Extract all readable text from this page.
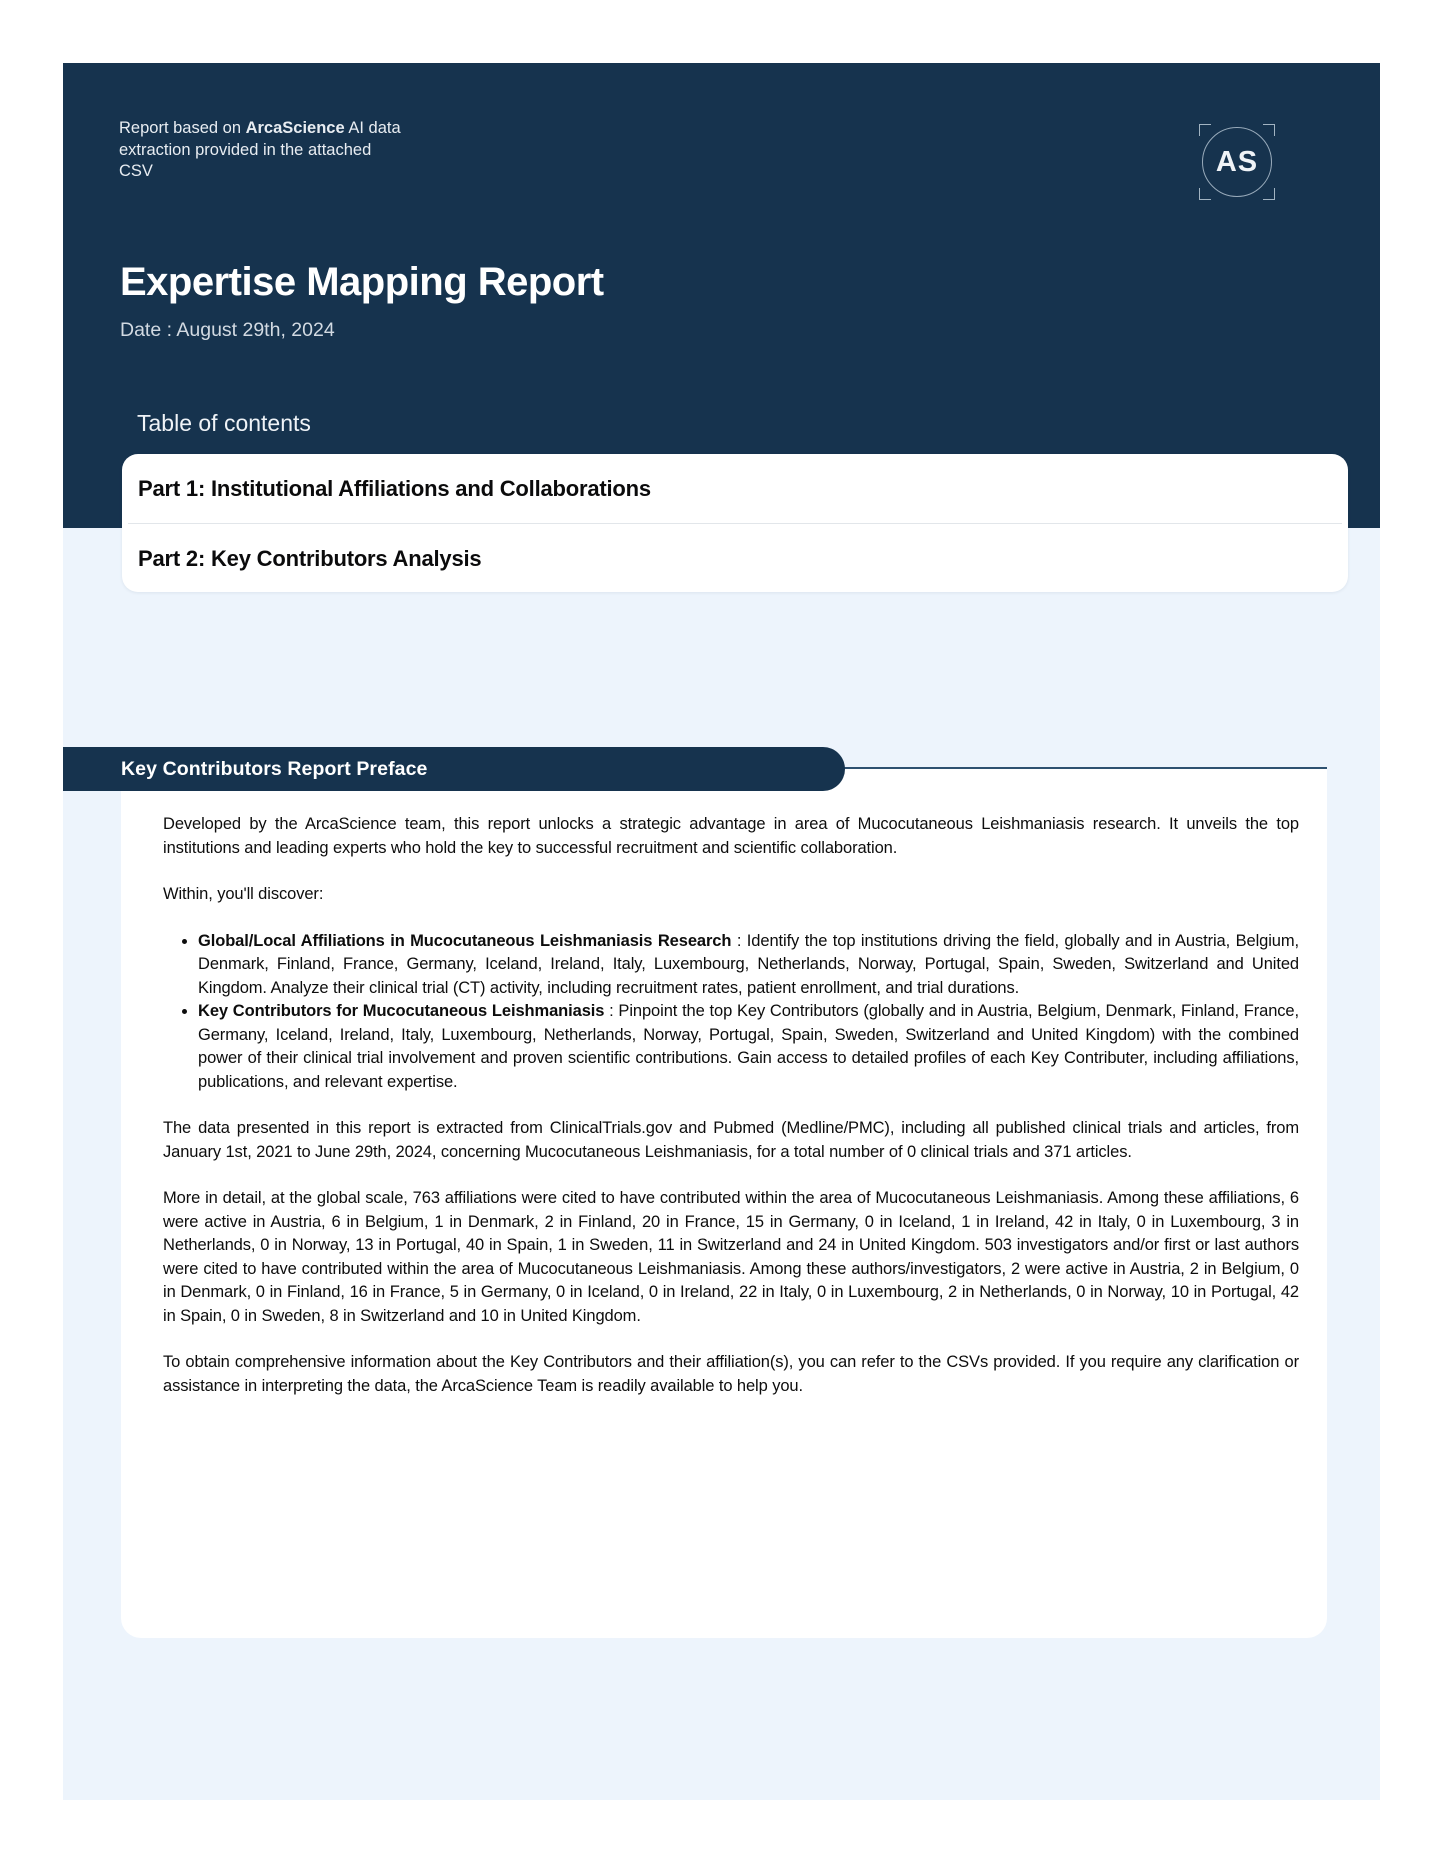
Report based on ArcaScience AI data
extraction provided in the attached
CSV	AS
Expertise Mapping Report
Date : August 29th, 2024
Table of contents
Part 1: Institutional Affiliations and Collaborations
Part 2: Key Contributors Analysis

Developed by the ArcaScience team, this report unlocks a strategic advantage in area of Mucocutaneous Leishmaniasis research. It unveils the top institutions and leading experts who hold the key to successful recruitment and scientific collaboration.

Within, you'll discover:
• Global/Local Affiliations in Mucocutaneous Leishmaniasis Research : Identify the top institutions driving the field, globally and in Austria, Belgium, Denmark, Finland, France, Germany, Iceland, Ireland, Italy, Luxembourg, Netherlands, Norway, Portugal, Spain, Sweden, Switzerland and United Kingdom. Analyze their clinical trial (CT) activity, including recruitment rates, patient enrollment, and trial durations.
• Key Contributors for Mucocutaneous Leishmaniasis : Pinpoint the top Key Contributors (globally and in Austria, Belgium, Denmark, Finland, France, Germany, Iceland, Ireland, Italy, Luxembourg, Netherlands, Norway, Portugal, Spain, Sweden, Switzerland and United Kingdom) with the combined power of their clinical trial involvement and proven scientific contributions. Gain access to detailed profiles of each Key Contributer, including affiliations, publications, and relevant expertise.

The data presented in this report is extracted from ClinicalTrials.gov and Pubmed (Medline/PMC), including all published clinical trials and articles, from January 1st, 2021 to June 29th, 2024, concerning Mucocutaneous Leishmaniasis, for a total number of 0 clinical trials and 371 articles.

More in detail, at the global scale, 763 affiliations were cited to have contributed within the area of Mucocutaneous Leishmaniasis. Among these affiliations, 6 were active in Austria, 6 in Belgium, 1 in Denmark, 2 in Finland, 20 in France, 15 in Germany, 0 in Iceland, 1 in Ireland, 42 in Italy, 0 in Luxembourg, 3 in Netherlands, 0 in Norway, 13 in Portugal, 40 in Spain, 1 in Sweden, 11 in Switzerland and 24 in United Kingdom. 503 investigators and/or first or last authors were cited to have contributed within the area of Mucocutaneous Leishmaniasis. Among these authors/investigators, 2 were active in Austria, 2 in Belgium, 0 in Denmark, 0 in Finland, 16 in France, 5 in Germany, 0 in Iceland, 0 in Ireland, 22 in Italy, 0 in Luxembourg, 2 in Netherlands, 0 in Norway, 10 in Portugal, 42 in Spain, 0 in Sweden, 8 in Switzerland and 10 in United Kingdom.

To obtain comprehensive information about the Key Contributors and their affiliation(s), you can refer to the CSVs provided. If you require any clarification or assistance in interpreting the data, the ArcaScience Team is readily available to help you.

Key Contributors Report Preface
